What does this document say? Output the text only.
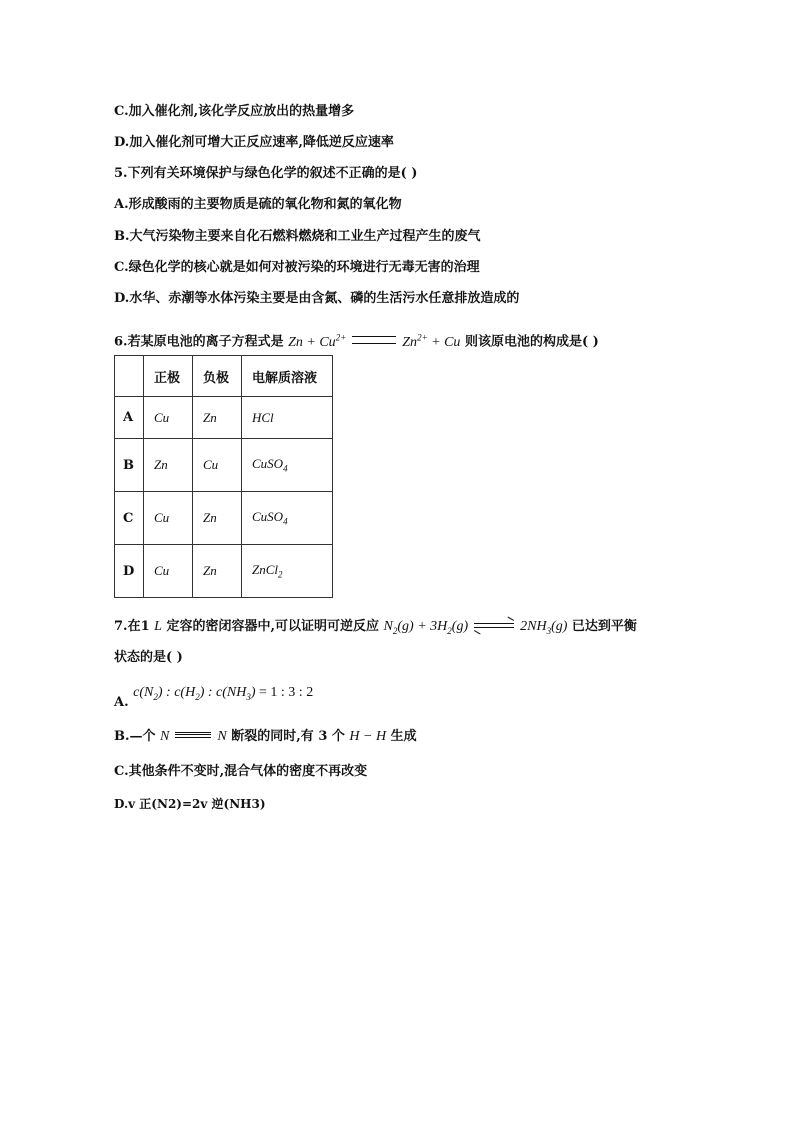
C.加入催化剂,该化学反应放出的热量增多
D.加入催化剂可增大正反应速率,降低逆反应速率
5.下列有关环境保护与绿色化学的叙述不正确的是( )
A.形成酸雨的主要物质是硫的氧化物和氮的氧化物
B.大气污染物主要来自化石燃料燃烧和工业生产过程产生的废气
C.绿色化学的核心就是如何对被污染的环境进行无毒无害的治理
D.水华、赤潮等水体污染主要是由含氮、磷的生活污水任意排放造成的
6.若某原电池的离子方程式是 $Zn + Cu^{2+}$	$Zn^{2+} + Cu$ 则该原电池的构成是( )
	正极	负极	电解质溶液
A	Cu	Zn	HCl
B	Zn	Cu	CuSO$_4$
C	Cu	Zn	CuSO$_4$
D	Cu	Zn	ZnCl$_2$
7.在1 L 定容的密闭容器中,可以证明可逆反应 $N_2(g) + 3H_2(g)$ ⇌ $2NH_3(g)$ 已达到平衡
状态的是( )
A. $c(N_2)$ : $c(H_2)$ : $c(NH_3) = 1$ : 3 : 2
B.—个 N	N 断裂的同时,有 3 个 H − H 生成
C.其他条件不变时,混合气体的密度不再改变
D.v 正(N2)=2v 逆(NH3)
